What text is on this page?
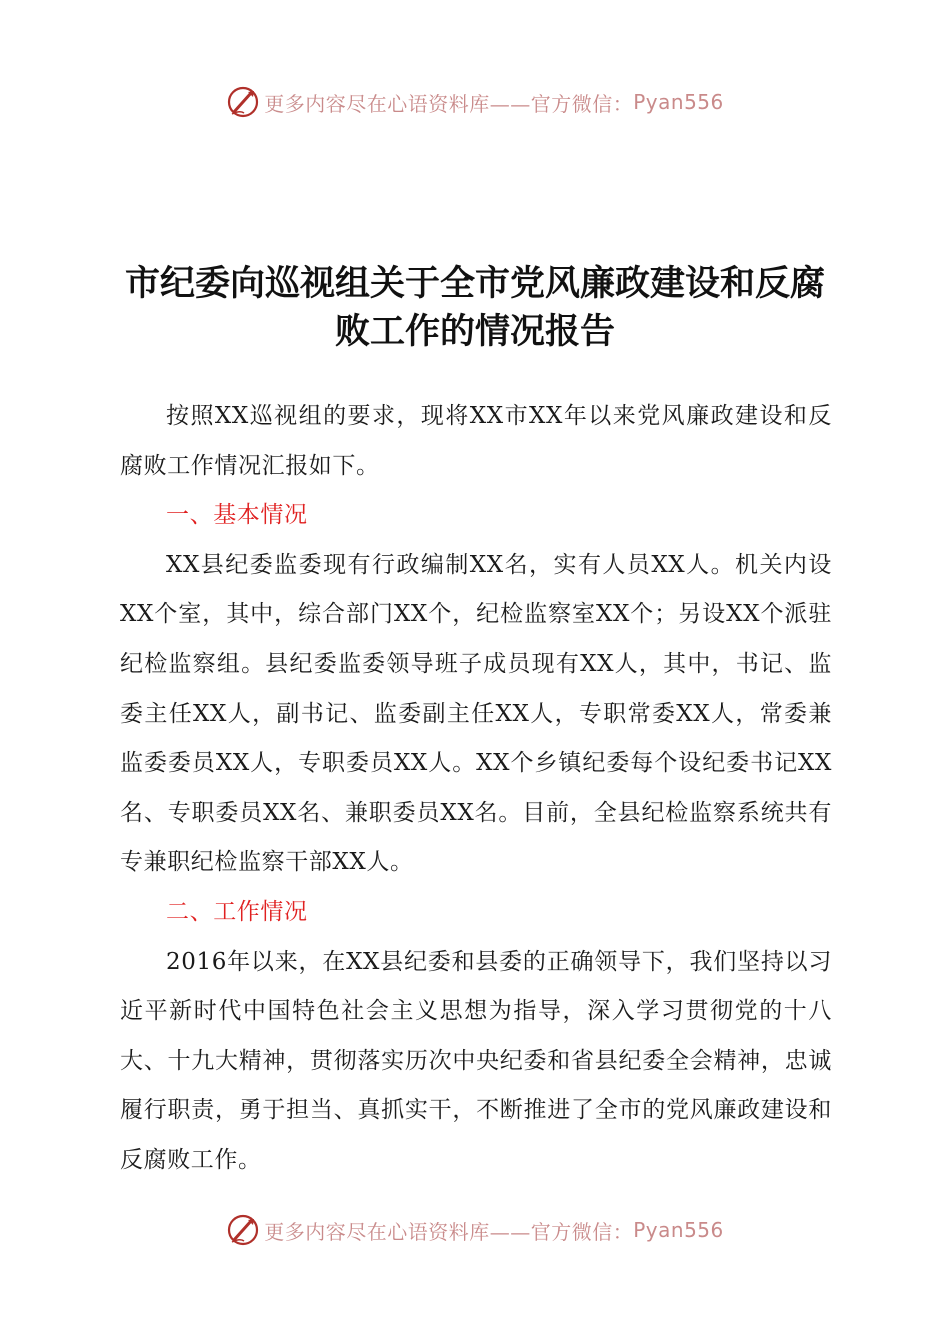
更多内容尽在心语资料库——官方微信： Pyan556
市纪委向巡视组关于全市党风廉政建设和反腐
败工作的情况报告

按照XX巡视组的要求，现将XX市XX年以来党风廉政建设和反腐败工作情况汇报如下。

一、基本情况

XX县纪委监委现有行政编制XX名，实有人员XX人。机关内设XX个室，其中，综合部门XX个，纪检监察室XX个；另设XX个派驻纪检监察组。县纪委监委领导班子成员现有XX人，其中，书记、监委主任XX人，副书记、监委副主任XX人，专职常委XX人，常委兼监委委员XX人，专职委员XX人。XX个乡镇纪委每个设纪委书记XX名、专职委员XX名、兼职委员XX名。目前，全县纪检监察系统共有专兼职纪检监察干部XX人。

二、工作情况

2016年以来，在XX县纪委和县委的正确领导下，我们坚持以习近平新时代中国特色社会主义思想为指导，深入学习贯彻党的十八大、十九大精神，贯彻落实历次中央纪委和省县纪委全会精神，忠诚履行职责，勇于担当、真抓实干，不断推进了全市的党风廉政建设和反腐败工作。

更多内容尽在心语资料库——官方微信： Pyan556
